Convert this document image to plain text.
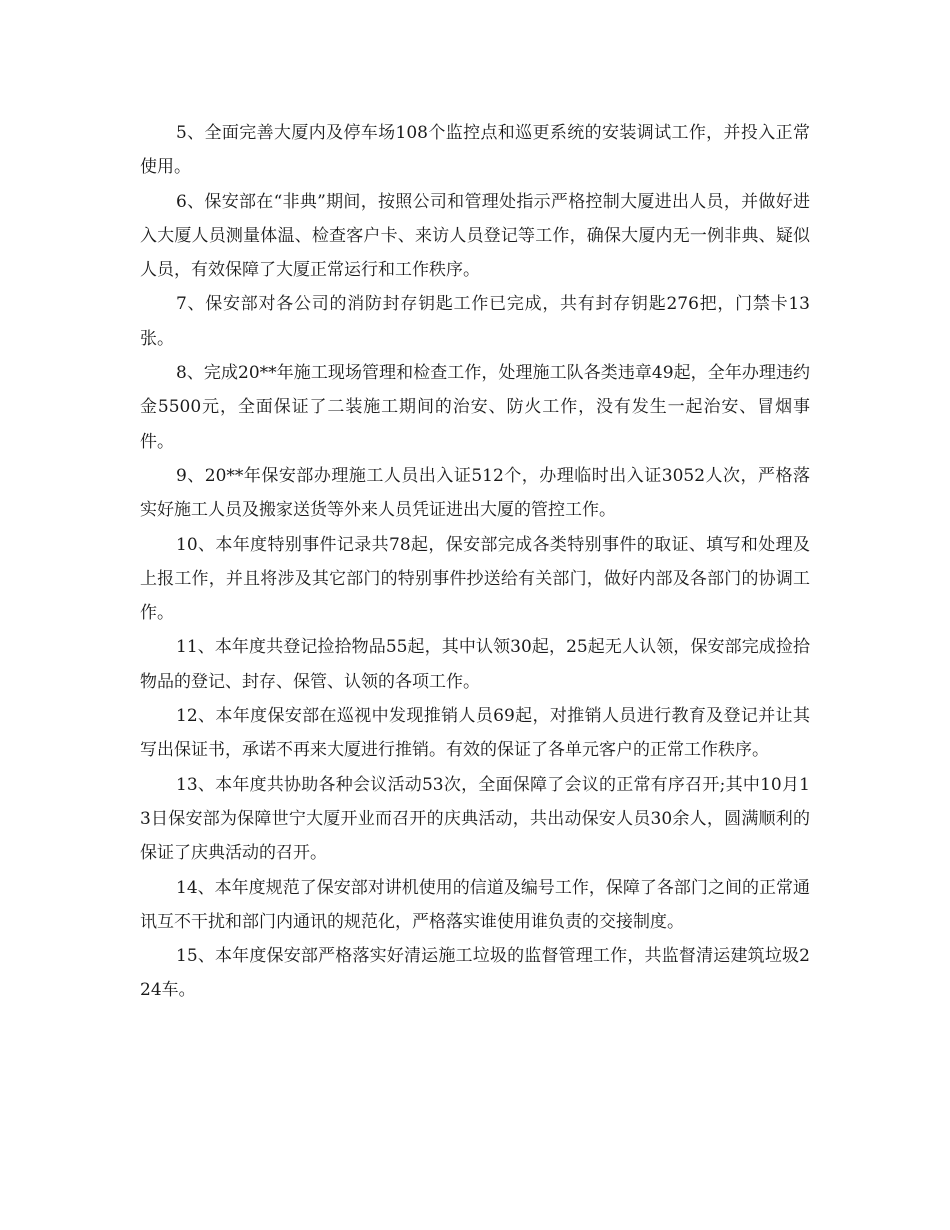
5、全面完善大厦内及停车场108个监控点和巡更系统的安装调试工作，并投入正常使用。

6、保安部在“非典”期间，按照公司和管理处指示严格控制大厦进出人员，并做好进入大厦人员测量体温、检查客户卡、来访人员登记等工作，确保大厦内无一例非典、疑似人员，有效保障了大厦正常运行和工作秩序。

7、保安部对各公司的消防封存钥匙工作已完成，共有封存钥匙276把，门禁卡13张。

8、完成20**年施工现场管理和检查工作，处理施工队各类违章49起，全年办理违约金5500元，全面保证了二装施工期间的治安、防火工作，没有发生一起治安、冒烟事件。

9、20**年保安部办理施工人员出入证512个，办理临时出入证3052人次，严格落实好施工人员及搬家送货等外来人员凭证进出大厦的管控工作。

10、本年度特别事件记录共78起，保安部完成各类特别事件的取证、填写和处理及上报工作，并且将涉及其它部门的特别事件抄送给有关部门，做好内部及各部门的协调工作。

11、本年度共登记捡拾物品55起，其中认领30起，25起无人认领，保安部完成捡拾物品的登记、封存、保管、认领的各项工作。

12、本年度保安部在巡视中发现推销人员69起，对推销人员进行教育及登记并让其写出保证书，承诺不再来大厦进行推销。有效的保证了各单元客户的正常工作秩序。

13、本年度共协助各种会议活动53次，全面保障了会议的正常有序召开;其中10月13日保安部为保障世宁大厦开业而召开的庆典活动，共出动保安人员30余人，圆满顺利的保证了庆典活动的召开。

14、本年度规范了保安部对讲机使用的信道及编号工作，保障了各部门之间的正常通讯互不干扰和部门内通讯的规范化，严格落实谁使用谁负责的交接制度。

15、本年度保安部严格落实好清运施工垃圾的监督管理工作，共监督清运建筑垃圾224车。
